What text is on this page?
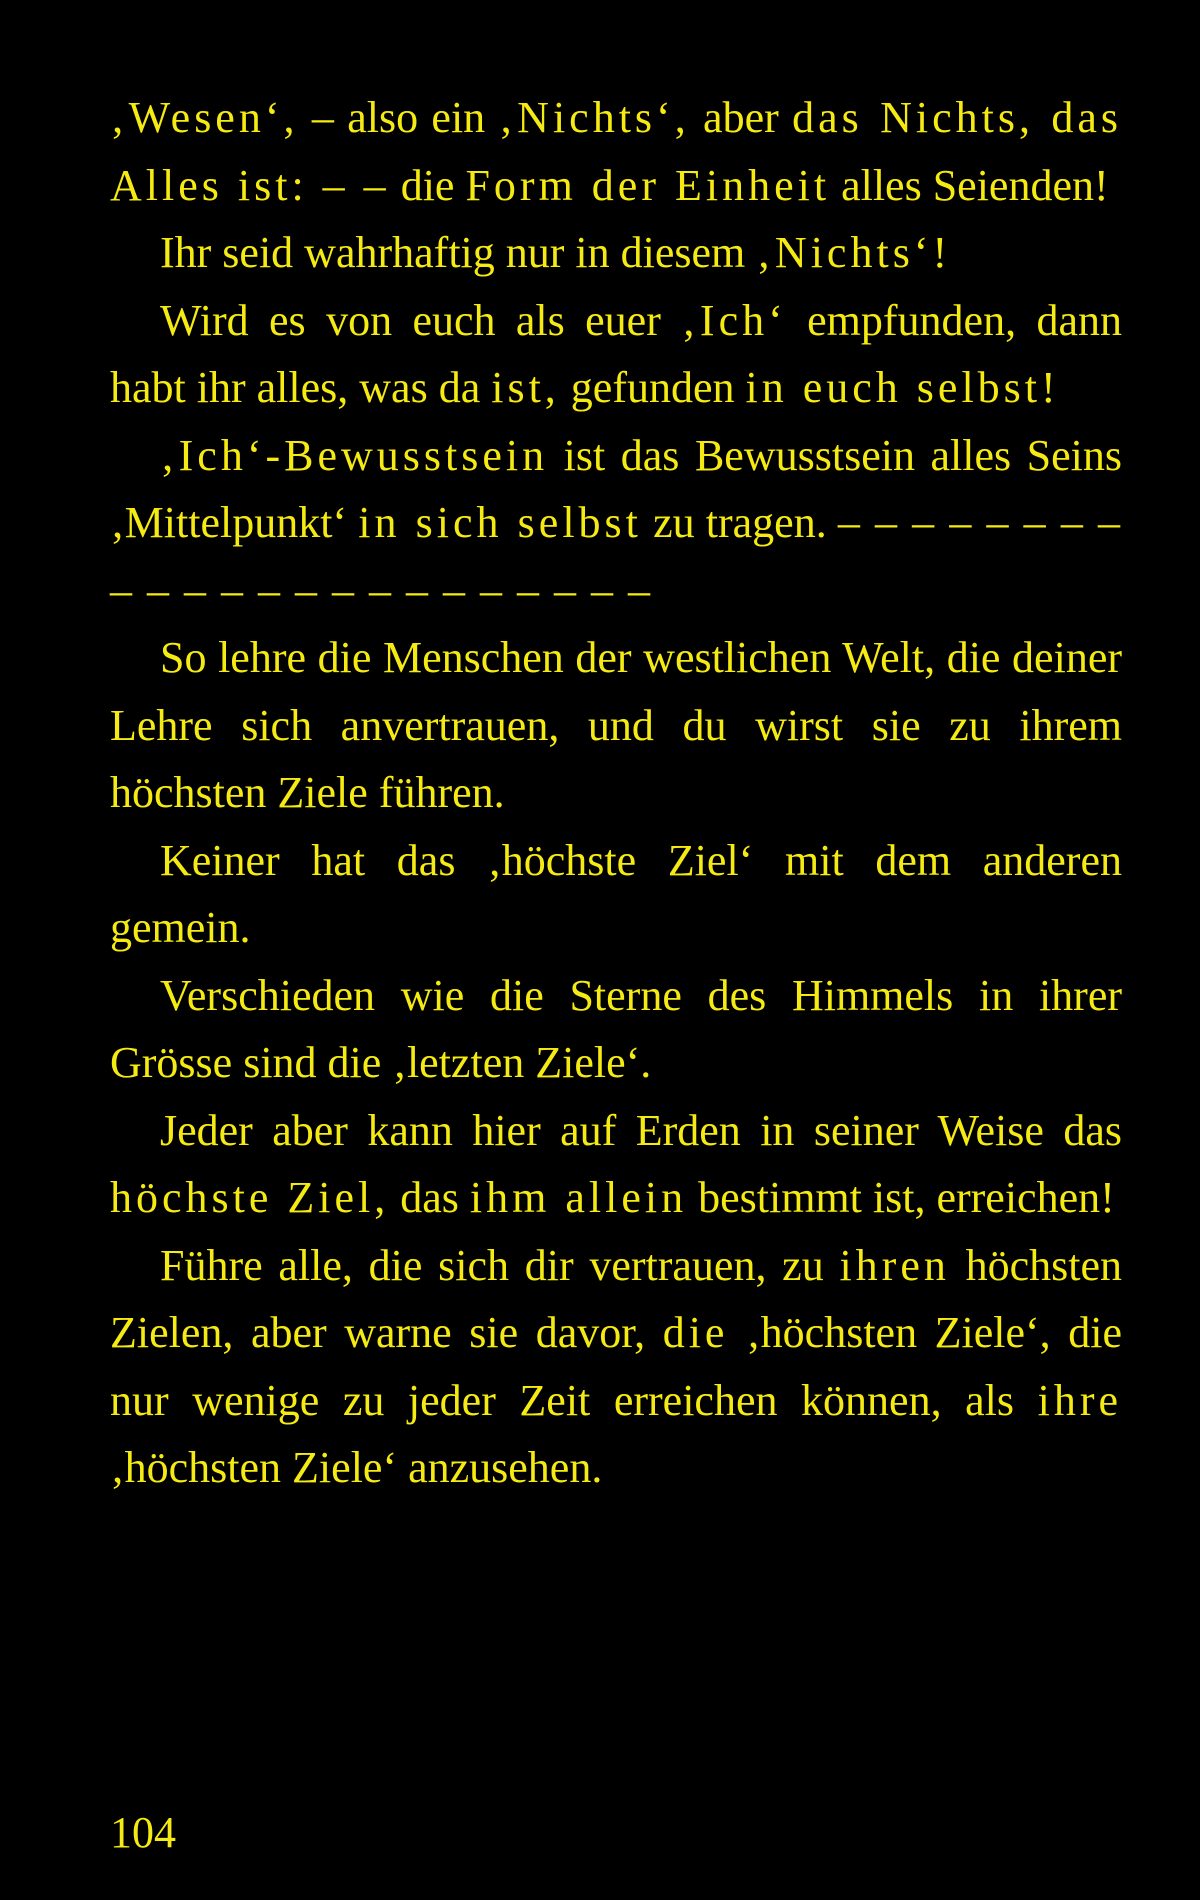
‚Wesen‘, – also ein ‚Nichts‘, aber das Nichts, das Alles ist: – – die Form der Einheit alles Seienden!

Ihr seid wahrhaftig nur in diesem ‚Nichts‘!

Wird es von euch als euer ‚Ich‘ empfunden, dann habt ihr alles, was da ist, gefunden in euch selbst!

‚Ich‘-Bewusstsein ist das Bewusstsein alles Seins ‚Mittelpunkt‘ in sich selbst zu tragen. – – – – – – – – – – – – – – – – – – – – – – –

So lehre die Menschen der westlichen Welt, die deiner Lehre sich anvertrauen, und du wirst sie zu ihrem höchsten Ziele führen.

Keiner hat das ‚höchste Ziel‘ mit dem anderen gemein.

Verschieden wie die Sterne des Himmels in ihrer Grösse sind die ‚letzten Ziele‘.

Jeder aber kann hier auf Erden in seiner Weise das höchste Ziel, das ihm allein bestimmt ist, erreichen!

Führe alle, die sich dir vertrauen, zu ihren höchsten Zielen, aber warne sie davor, die ‚höchsten Ziele‘, die nur wenige zu jeder Zeit erreichen können, als ihre ‚höchsten Ziele‘ anzusehen.

104
